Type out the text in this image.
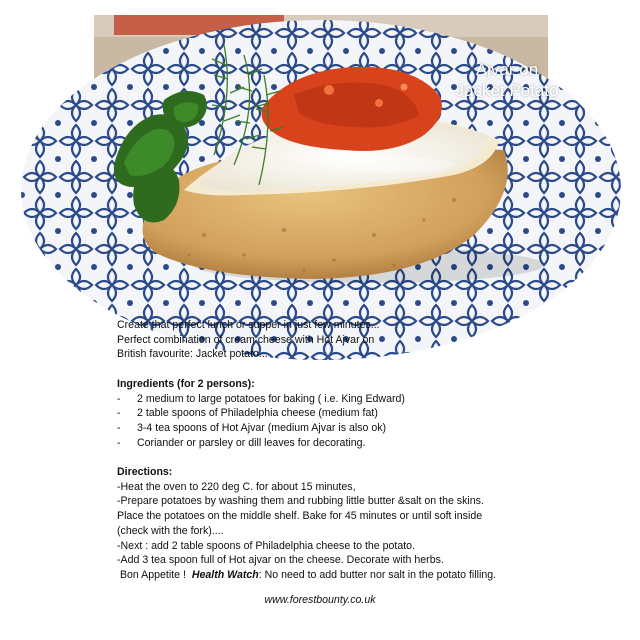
Ajvar on
Jacket Potato

Create that perfect lunch or supper in just few minutes...

Perfect combination of cream cheese with Hot Ajvar on

British favourite: Jacket potato...

Ingredients (for 2 persons):

- 2 medium to large potatoes for baking ( i.e. King Edward)
- 2 table spoons of Philadelphia cheese (medium fat)
- 3-4 tea spoons of Hot Ajvar (medium Ajvar is also ok)
- Coriander or parsley or dill leaves for decorating.

Directions:

-Heat the oven to 220 deg C. for about 15 minutes,

-Prepare potatoes by washing them and rubbing little butter &salt on the skins.

Place the potatoes on the middle shelf. Bake for 45 minutes or until soft inside

(check with the fork)....

-Next : add 2 table spoons of Philadelphia cheese to the potato.

-Add 3 tea spoon full of Hot ajvar on the cheese. Decorate with herbs.

Bon Appetite !  Health Watch: No need to add butter nor salt in the potato filling.

www.forestbounty.co.uk
